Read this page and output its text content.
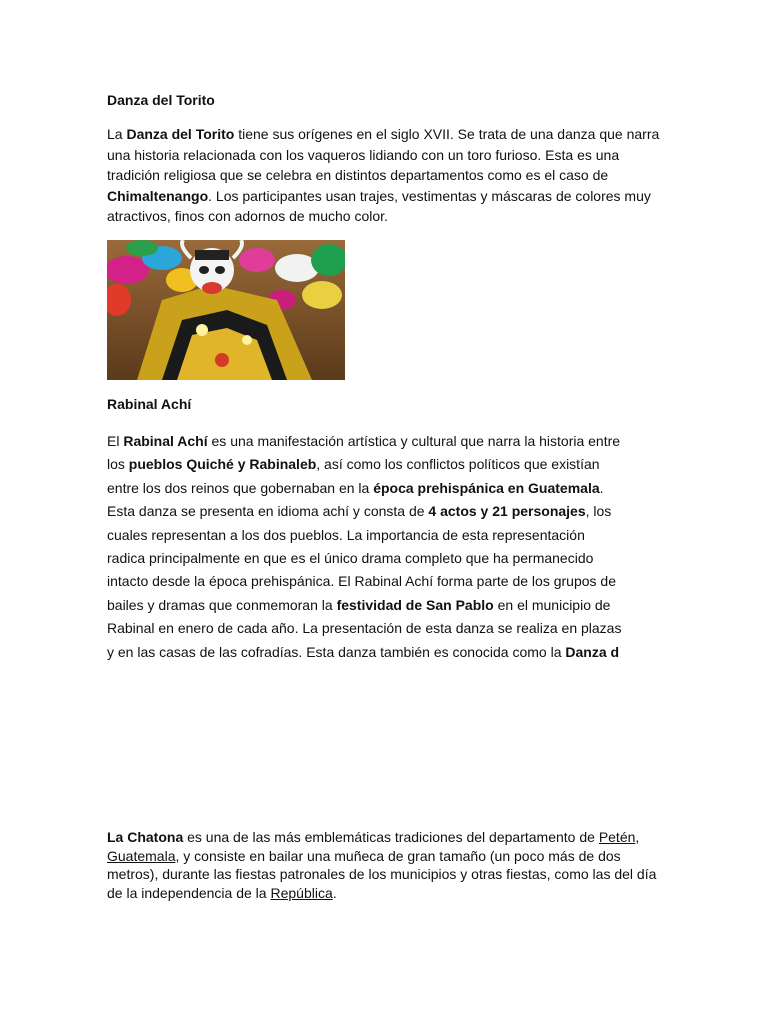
Danza del Torito

La Danza del Torito tiene sus orígenes en el siglo XVII. Se trata de una danza que narra una historia relacionada con los vaqueros lidiando con un toro furioso. Esta es una tradición religiosa que se celebra en distintos departamentos como es el caso de Chimaltenango. Los participantes usan trajes, vestimentas y máscaras de colores muy atractivos, finos con adornos de mucho color.

Rabinal Achí

El Rabinal Achí es una manifestación artística y cultural que narra la historia entre
los pueblos Quiché y Rabinaleb, así como los conflictos políticos que existían
entre los dos reinos que gobernaban en la época prehispánica en Guatemala.
Esta danza se presenta en idioma achí y consta de 4 actos y 21 personajes, los
cuales representan a los dos pueblos. La importancia de esta representación
radica principalmente en que es el único drama completo que ha permanecido
intacto desde la época prehispánica. El Rabinal Achí forma parte de los grupos de
bailes y dramas que conmemoran la festividad de San Pablo en el municipio de
Rabinal en enero de cada año. La presentación de esta danza se realiza en plazas
y en las casas de las cofradías. Esta danza también es conocida como la Danza d

La Chatona es una de las más emblemáticas tradiciones del departamento de Petén, Guatemala, y consiste en bailar una muñeca de gran tamaño (un poco más de dos metros), durante las fiestas patronales de los municipios y otras fiestas, como las del día de la independencia de la República.
